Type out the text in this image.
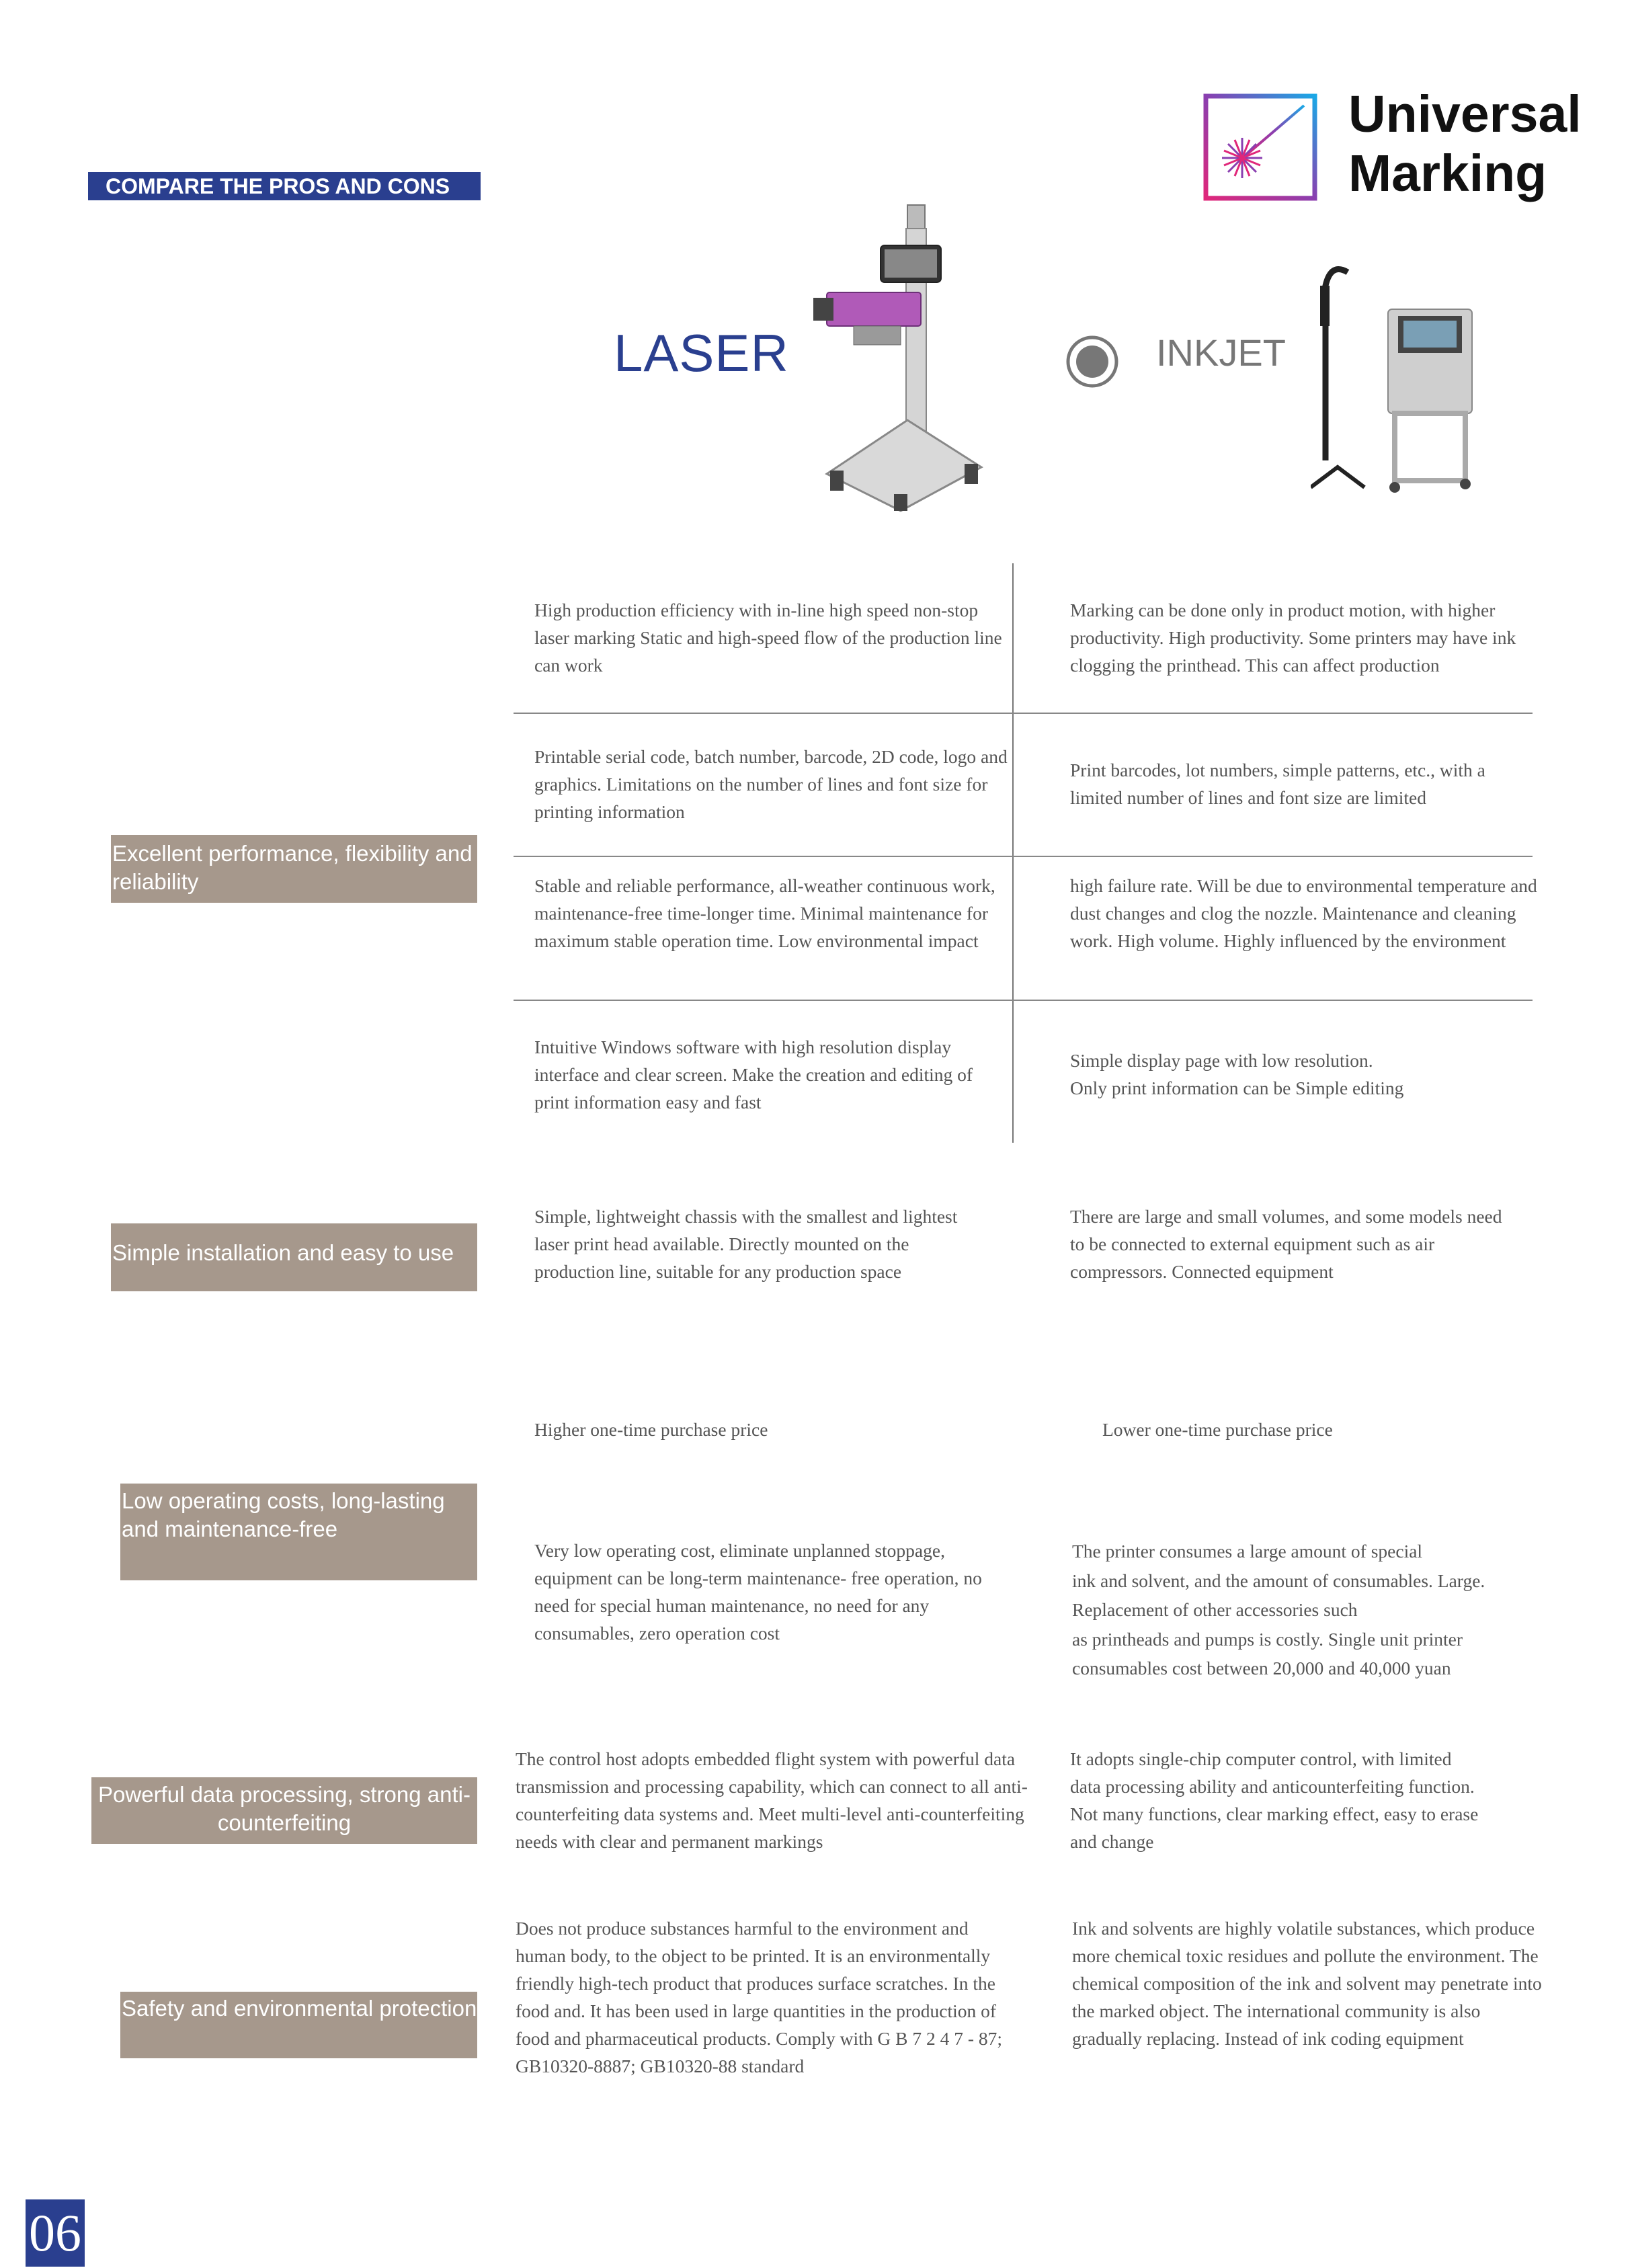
COMPARE THE PROS AND CONS
Universal
Marking
LASER	INKJET
Excellent performance, flexibility and reliability
Simple installation and easy to use
Low operating costs, long-lasting and maintenance-free
Powerful data processing, strong anti-counterfeiting
Safety and environmental protection
High production efficiency with in-line high speed non-stop laser marking Static and high-speed flow of the production line can work
Marking can be done only in product motion, with higher productivity. High productivity. Some printers may have ink clogging the printhead. This can affect production
Printable serial code, batch number, barcode, 2D code, logo and graphics. Limitations on the number of lines and font size for printing information
Print barcodes, lot numbers, simple patterns, etc., with a limited number of lines and font size are limited
Stable and reliable performance, all-weather continuous work, maintenance-free time-longer time. Minimal maintenance for maximum stable operation time. Low environmental impact
high failure rate. Will be due to environmental temperature and dust changes and clog the nozzle. Maintenance and cleaning work. High volume. Highly influenced by the environment
Intuitive Windows software with high resolution display interface and clear screen. Make the creation and editing of print information easy and fast
Simple display page with low resolution.
Only print information can be Simple editing
Simple, lightweight chassis with the smallest and lightest laser print head available. Directly mounted on the production line, suitable for any production space
There are large and small volumes, and some models need to be connected to external equipment such as air compressors. Connected equipment
Higher one-time purchase price	Lower one-time purchase price
Very low operating cost, eliminate unplanned stoppage, equipment can be long-term maintenance- free operation, no need for special human maintenance, no need for any consumables, zero operation cost
The printer consumes a large amount of special
ink and solvent, and the amount of consumables. Large.
Replacement of other accessories such
as printheads and pumps is costly. Single unit printer
consumables cost between 20,000 and 40,000 yuan
The control host adopts embedded flight system with powerful data transmission and processing capability, which can connect to all anti-counterfeiting data systems and. Meet multi-level anti-counterfeiting needs with clear and permanent markings
It adopts single-chip computer control, with limited data processing ability and anticounterfeiting function. Not many functions, clear marking effect, easy to erase and change
Does not produce substances harmful to the environment and human body, to the object to be printed. It is an environmentally friendly high-tech product that produces surface scratches. In the food and. It has been used in large quantities in the production of food and pharmaceutical products. Comply with G B 7 2 4 7 - 87; GB10320-8887; GB10320-88 standard
Ink and solvents are highly volatile substances, which produce more chemical toxic residues and pollute the environment. The chemical composition of the ink and solvent may penetrate into the marked object. The international community is also gradually replacing. Instead of ink coding equipment
06
